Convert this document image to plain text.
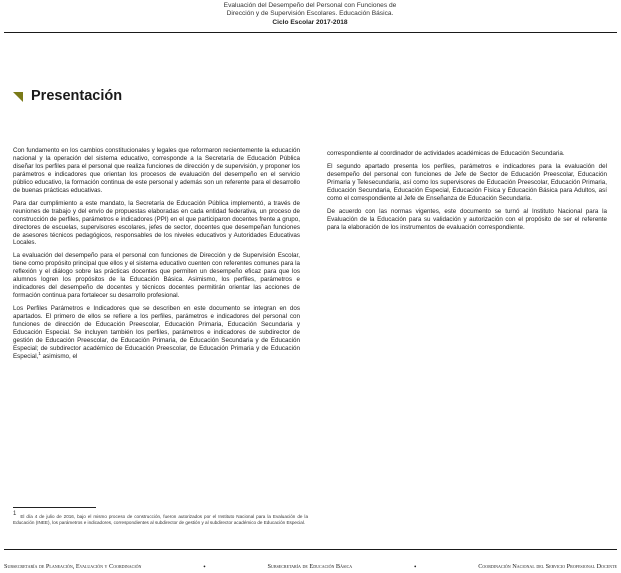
Evaluación del Desempeño del Personal con Funciones de
Dirección y de Supervisión Escolares. Educación Básica.
Ciclo Escolar 2017-2018
Presentación

Con fundamento en los cambios constitucionales y legales que reformaron recientemente la educación nacional y la operación del sistema educativo, corresponde a la Secretaría de Educación Pública diseñar los perfiles para el personal que realiza funciones de dirección y de supervisión, y proponer los parámetros e indicadores que orientan los procesos de evaluación del desempeño en el servicio público educativo, la formación continua de este personal y además son un referente para el desarrollo de buenas prácticas educativas.

Para dar cumplimiento a este mandato, la Secretaría de Educación Pública implementó, a través de reuniones de trabajo y del envío de propuestas elaboradas en cada entidad federativa, un proceso de construcción de perfiles, parámetros e indicadores (PPI) en el que participaron docentes frente a grupo, directores de escuelas, supervisores escolares, jefes de sector, docentes que desempeñan funciones de asesores técnicos pedagógicos, responsables de los niveles educativos y Autoridades Educativas Locales.

La evaluación del desempeño para el personal con funciones de Dirección y de Supervisión Escolar, tiene como propósito principal que ellos y el sistema educativo cuenten con referentes comunes para la reflexión y el diálogo sobre las prácticas docentes que permiten un desempeño eficaz para que los alumnos logren los propósitos de la Educación Básica. Asimismo, los perfiles, parámetros e indicadores del desempeño de docentes y técnicos docentes permitirán orientar las acciones de formación continua para fortalecer su desarrollo profesional.

Los Perfiles Parámetros e Indicadores que se describen en este documento se integran en dos apartados. El primero de ellos se refiere a los perfiles, parámetros e indicadores del personal con funciones de dirección de Educación Preescolar, Educación Primaria, Educación Secundaria y Educación Especial. Se incluyen también los perfiles, parámetros e indicadores de subdirector de gestión de Educación Preescolar, de Educación Primaria, de Educación Secundaria y de Educación Especial; de subdirector académico de Educación Preescolar, de Educación Primaria y de Educación Especial,$^1$ asimismo, el

correspondiente al coordinador de actividades académicas de Educación Secundaria.

El segundo apartado presenta los perfiles, parámetros e indicadores para la evaluación del desempeño del personal con funciones de Jefe de Sector de Educación Preescolar, Educación Primaria y Telesecundaria, así como los supervisores de Educación Preescolar, Educación Primaria, Educación Secundaria, Educación Especial, Educación Física y Educación Básica para Adultos, así como el correspondiente al Jefe de Enseñanza de Educación Secundaria.

De acuerdo con las normas vigentes, este documento se turnó al Instituto Nacional para la Evaluación de la Educación para su validación y autorización con el propósito de ser el referente para la elaboración de los instrumentos de evaluación correspondiente.

1 El día 4 de julio de 2016, bajo el mismo proceso de construcción, fueron autorizados por el Instituto Nacional para la Evaluación de la Educación (INEE), los parámetros e indicadores, correspondientes al subdirector de gestión y al subdirector académico de Educación Especial.
Subsecretaría de Planeación, Evaluación y Coordinación	•	Subsecretaría de Educación Básica	•	Coordinación Nacional del Servicio Profesional Docente
